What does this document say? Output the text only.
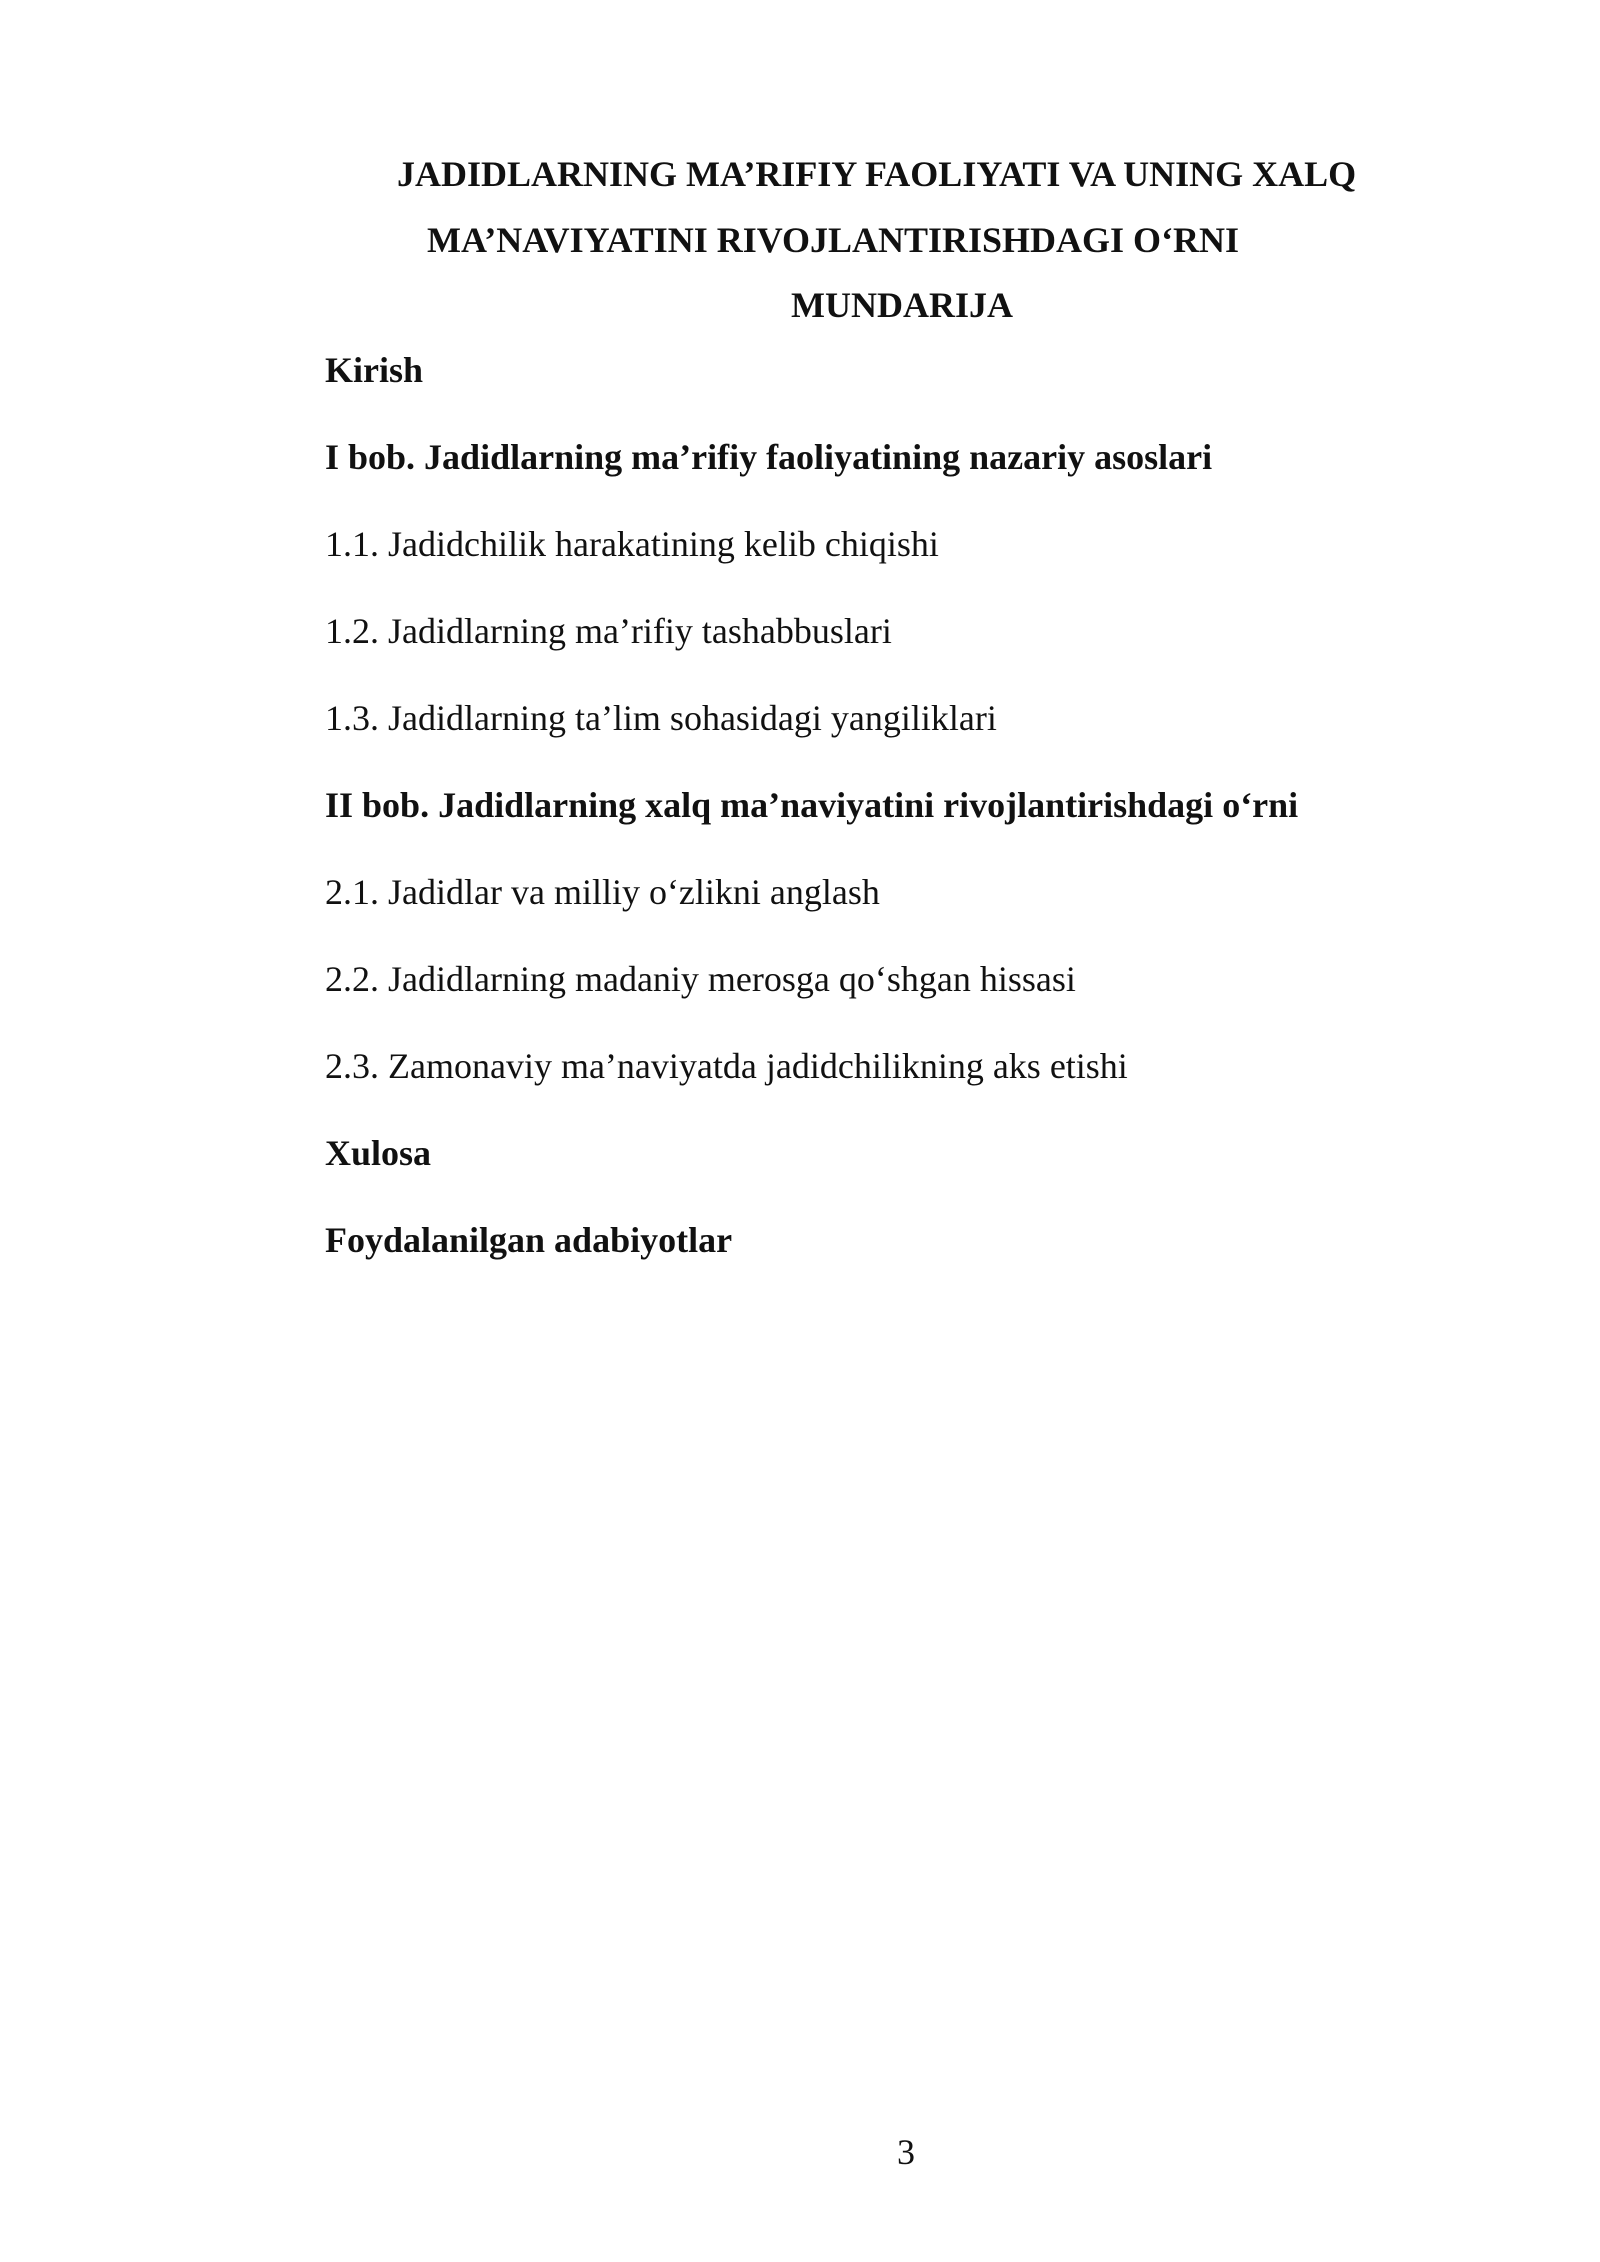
JADIDLARNING MA’RIFIY FAOLIYATI VA UNING XALQ
MA’NAVIYATINI RIVOJLANTIRISHDAGI O‘RNI
MUNDARIJA
Kirish
I bob. Jadidlarning ma’rifiy faoliyatining nazariy asoslari
1.1. Jadidchilik harakatining kelib chiqishi
1.2. Jadidlarning ma’rifiy tashabbuslari
1.3. Jadidlarning ta’lim sohasidagi yangiliklari
II bob. Jadidlarning xalq ma’naviyatini rivojlantirishdagi o‘rni
2.1. Jadidlar va milliy o‘zlikni anglash
2.2. Jadidlarning madaniy merosga qo‘shgan hissasi
2.3. Zamonaviy ma’naviyatda jadidchilikning aks etishi
Xulosa
Foydalanilgan adabiyotlar
3
